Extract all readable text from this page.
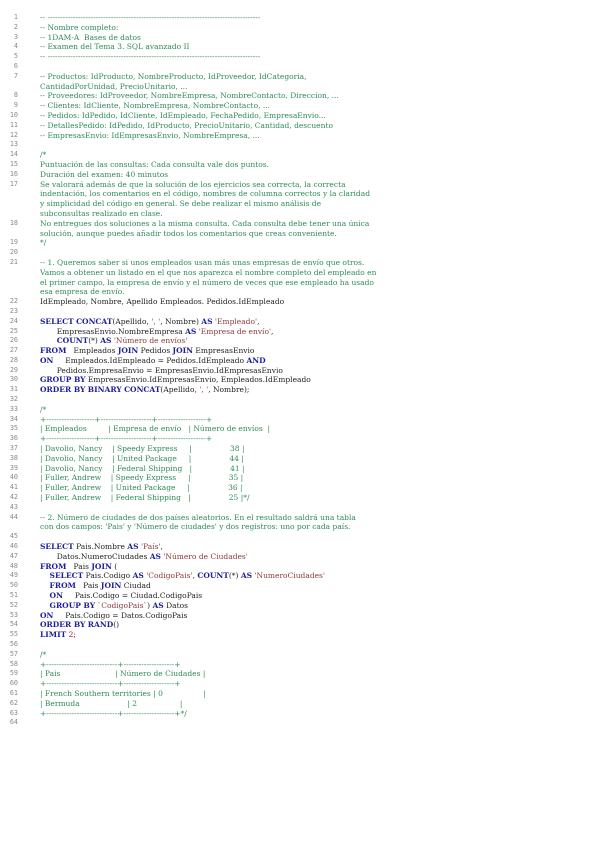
1	-- ------------------------------------------------------------------------------------
2	-- Nombre completo:
3	-- 1DAM-A  Bases de datos
4	-- Examen del Tema 3. SQL avanzado II
5	-- ------------------------------------------------------------------------------------
6

7	-- Productos: IdProducto, NombreProducto, IdProveedor, IdCategoria,
CantidadPorUnidad, PrecioUnitario, ...
8	-- Proveedores: IdProveedor, NombreEmpresa, NombreContacto, Direccion, ...
9	-- Clientes: IdCliente, NombreEmpresa, NombreContacto, ...
10	-- Pedidos: IdPedido, IdCliente, IdEmpleado, FechaPedido, EmpresaEnvio...
11	-- DetallesPedido: IdPedido, IdProducto, PrecioUnitario, Cantidad, descuento
12	-- EmpresasEnvio: IdEmpresasEnvio, NombreEmpresa, ...
13

14	/*
15	Puntuación de las consultas: Cada consulta vale dos puntos.
16	Duración del examen: 40 minutos
17	Se valorará además de que la solución de los ejercicios sea correcta, la correcta
indentación, los comentarios en el código, nombres de columna correctos y la claridad
y simplicidad del código en general. Se debe realizar el mismo análisis de
subconsultas realizado en clase.
18	No entregues dos soluciones a la misma consulta. Cada consulta debe tener una única
solución, aunque puedes añadir todos los comentarios que creas conveniente.
19	*/
20

21	-- 1. Queremos saber si unos empleados usan más unas empresas de envío que otros.
Vamos a obtener un listado en el que nos aparezca el nombre completo del empleado en
el primer campo, la empresa de envío y el número de veces que ese empleado ha usado
esa empresa de envío.
22	IdEmpleado, Nombre, Apellido Empleados. Pedidos.IdEmpleado
23

24	SELECT CONCAT(Apellido, ', ', Nombre) AS 'Empleado',
25	EmpresasEnvio.NombreEmpresa AS 'Empresa de envío',
26	COUNT(*) AS 'Número de envíos'
27	FROM   Empleados JOIN Pedidos JOIN EmpresasEnvio
28	ON     Empleados.IdEmpleado = Pedidos.IdEmpleado AND
29	Pedidos.EmpresaEnvio = EmpresasEnvio.IdEmpresasEnvio
30	GROUP BY EmpresasEnvio.IdEmpresasEnvio, Empleados.IdEmpleado
31	ORDER BY BINARY CONCAT(Apellido, ', ', Nombre);
32

33	/*
34	+-------------------+--------------------+-------------------+
35	| Empleados         | Empresa de envío   | Número de envíos  |
36	+-------------------+--------------------+-------------------+
37	| Davolio, Nancy    | Speedy Express     |                38 |
38	| Davolio, Nancy    | United Package     |                44 |
39	| Davolio, Nancy    | Federal Shipping   |                41 |
40	| Fuller, Andrew    | Speedy Express     |                35 |
41	| Fuller, Andrew    | United Package     |                36 |
42	| Fuller, Andrew    | Federal Shipping   |                25 |*/
43

44	-- 2. Número de ciudades de dos países aleatorios. En el resultado saldrá una tabla
con dos campos: 'Pais' y 'Número de ciudades' y dos registros: uno por cada país.
45

46	SELECT Pais.Nombre AS 'País',
47	Datos.NumeroCiudades AS 'Número de Ciudades'
48	FROM   Pais JOIN (
49	SELECT Pais.Codigo AS 'CodigoPais', COUNT(*) AS 'NumeroCiudades'
50	FROM   Pais JOIN Ciudad
51	ON     Pais.Codigo = Ciudad.CodigoPais
52	GROUP BY `CodigoPais`) AS Datos
53	ON     Pais.Codigo = Datos.CodigoPais
54	ORDER BY RAND()
55	LIMIT 2;
56

57	/*
58	+----------------------------+--------------------+
59	| Pais                       | Número de Ciudades |
60	+----------------------------+--------------------+
61	| French Southern territories | 0                 |
62	| Bermuda                    | 2                  |
63	+----------------------------+--------------------+*/
64
